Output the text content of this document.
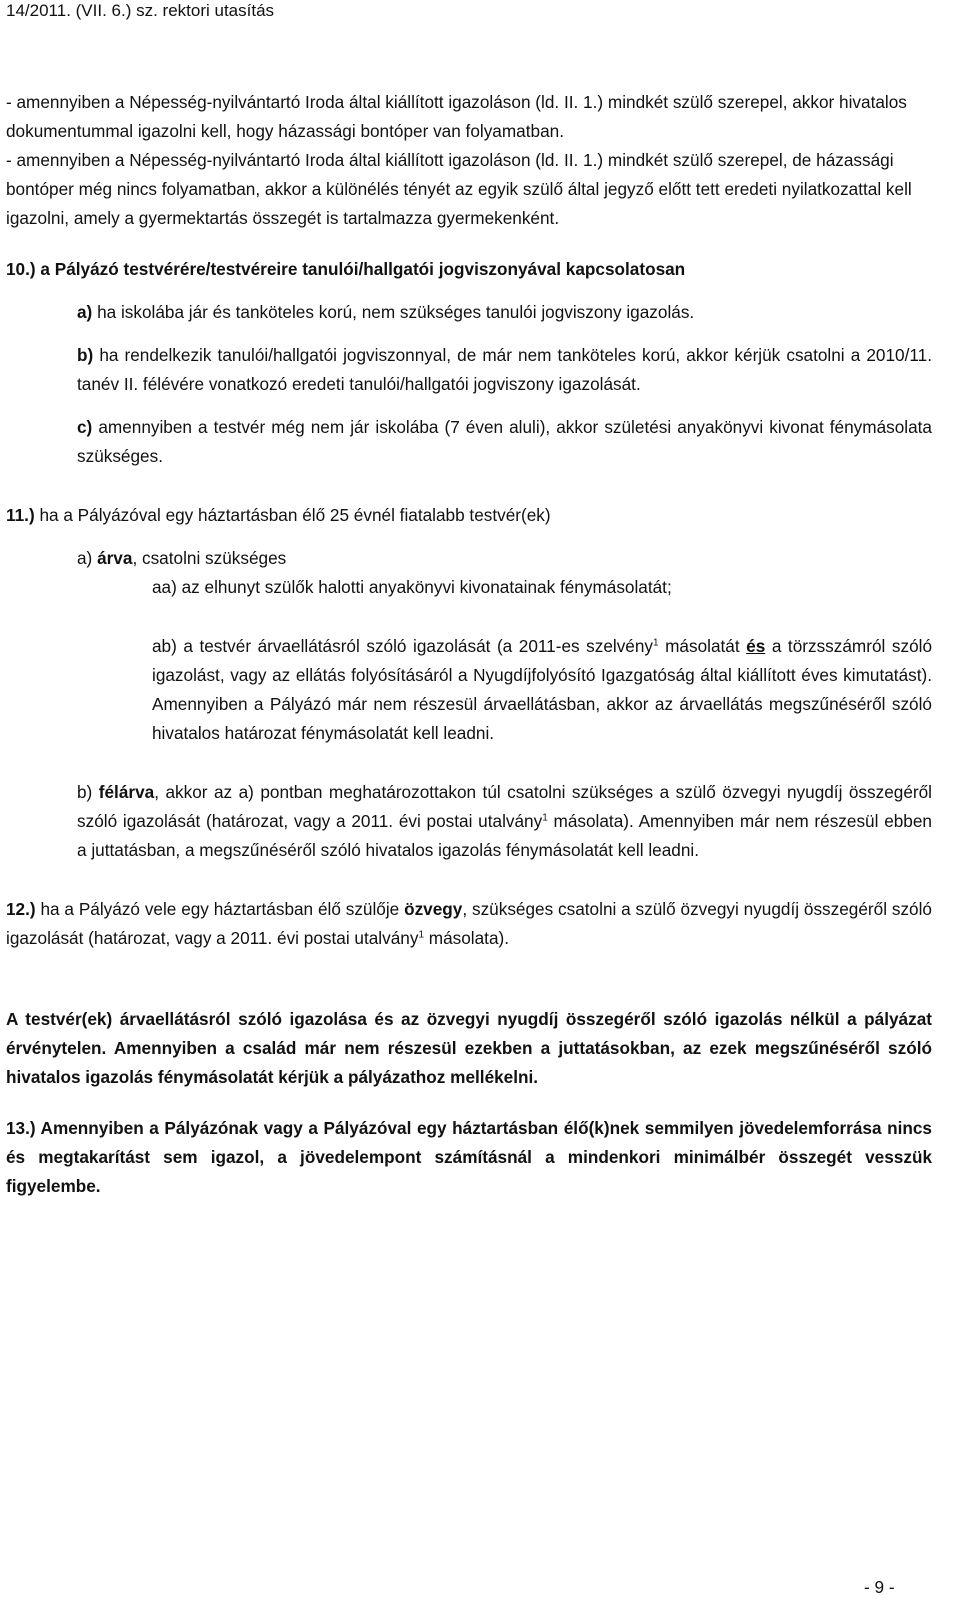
14/2011. (VII. 6.) sz. rektori utasítás

- amennyiben a Népesség-nyilvántartó Iroda által kiállított igazoláson (ld. II. 1.) mindkét szülő szerepel, akkor hivatalos dokumentummal igazolni kell, hogy házassági bontóper van folyamatban.

- amennyiben a Népesség-nyilvántartó Iroda által kiállított igazoláson (ld. II. 1.) mindkét szülő szerepel, de házassági bontóper még nincs folyamatban, akkor a különélés tényét az egyik szülő által jegyző előtt tett eredeti nyilatkozattal kell igazolni, amely a gyermektartás összegét is tartalmazza gyermekenként.

10.) a Pályázó testvérére/testvéreire tanulói/hallgatói jogviszonyával kapcsolatosan

a) ha iskolába jár és tanköteles korú, nem szükséges tanulói jogviszony igazolás.

b) ha rendelkezik tanulói/hallgatói jogviszonnyal, de már nem tanköteles korú, akkor kérjük csatolni a 2010/11. tanév II. félévére vonatkozó eredeti tanulói/hallgatói jogviszony igazolását.

c) amennyiben a testvér még nem jár iskolába (7 éven aluli), akkor születési anyakönyvi kivonat fénymásolata szükséges.

11.) ha a Pályázóval egy háztartásban élő 25 évnél fiatalabb testvér(ek)

a) árva, csatolni szükséges

aa) az elhunyt szülők halotti anyakönyvi kivonatainak fénymásolatát;

ab) a testvér árvaellátásról szóló igazolását (a 2011-es szelvény$^1$ másolatát és a törzsszámról szóló igazolást, vagy az ellátás folyósításáról a Nyugdíjfolyósító Igazgatóság által kiállított éves kimutatást). Amennyiben a Pályázó már nem részesül árvaellátásban, akkor az árvaellátás megszűnéséről szóló hivatalos határozat fénymásolatát kell leadni.

b) félárva, akkor az a) pontban meghatározottakon túl csatolni szükséges a szülő özvegyi nyugdíj összegéről szóló igazolását (határozat, vagy a 2011. évi postai utalvány$^1$ másolata). Amennyiben már nem részesül ebben a juttatásban, a megszűnéséről szóló hivatalos igazolás fénymásolatát kell leadni.

12.) ha a Pályázó vele egy háztartásban élő szülője özvegy, szükséges csatolni a szülő özvegyi nyugdíj összegéről szóló igazolását (határozat, vagy a 2011. évi postai utalvány$^1$ másolata).

A testvér(ek) árvaellátásról szóló igazolása és az özvegyi nyugdíj összegéről szóló igazolás nélkül a pályázat érvénytelen. Amennyiben a család már nem részesül ezekben a juttatásokban, az ezek megszűnéséről szóló hivatalos igazolás fénymásolatát kérjük a pályázathoz mellékelni.

13.) Amennyiben a Pályázónak vagy a Pályázóval egy háztartásban élő(k)nek semmilyen jövedelemforrása nincs és megtakarítást sem igazol, a jövedelempont számításnál a mindenkori minimálbér összegét vesszük figyelembe.

- 9 -
